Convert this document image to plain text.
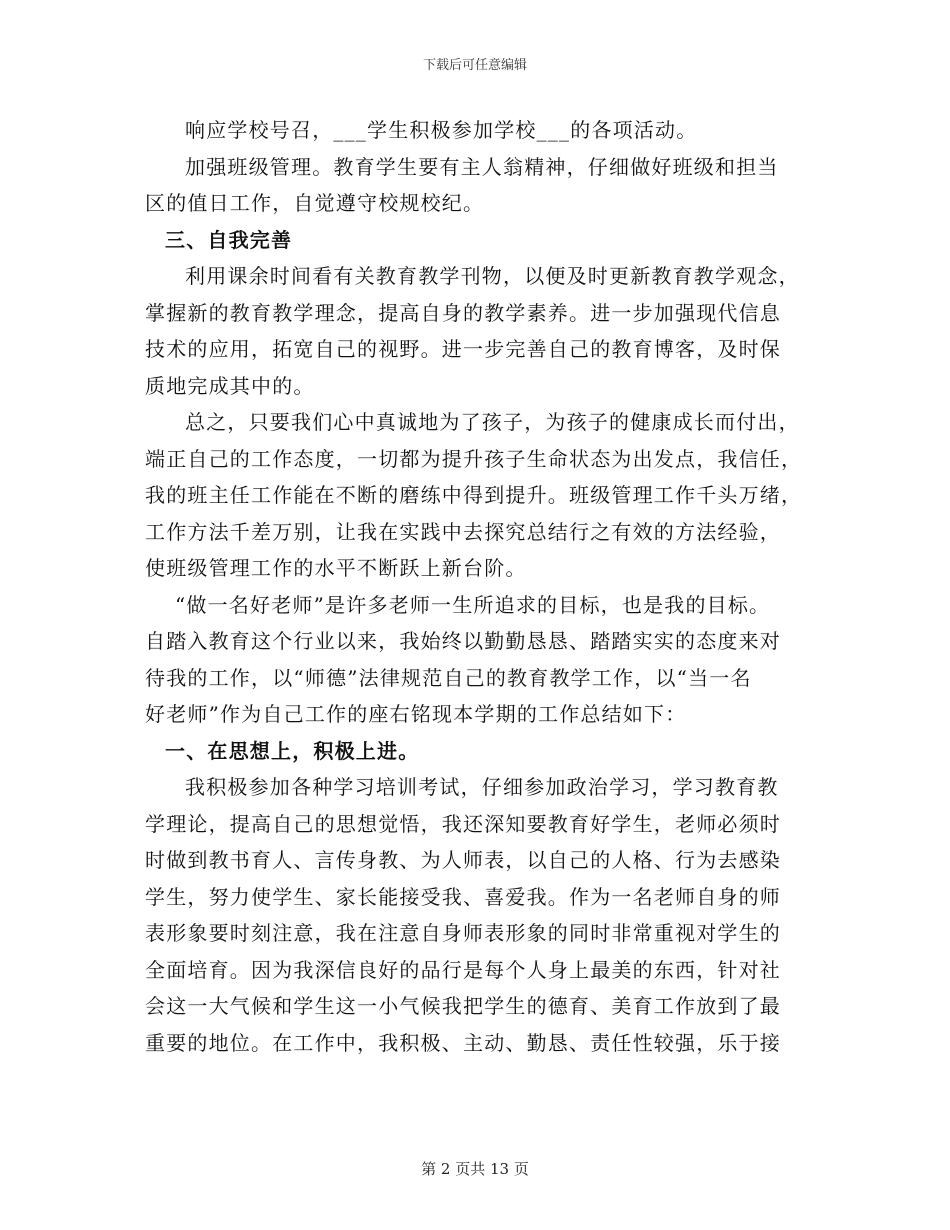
下载后可任意编辑
响应学校号召，___学生积极参加学校___的各项活动。
加强班级管理。教育学生要有主人翁精神，仔细做好班级和担当
区的值日工作，自觉遵守校规校纪。
三、自我完善
利用课余时间看有关教育教学刊物，以便及时更新教育教学观念，
掌握新的教育教学理念，提高自身的教学素养。进一步加强现代信息
技术的应用，拓宽自己的视野。进一步完善自己的教育博客，及时保
质地完成其中的。
总之，只要我们心中真诚地为了孩子，为孩子的健康成长而付出，
端正自己的工作态度，一切都为提升孩子生命状态为出发点，我信任，
我的班主任工作能在不断的磨练中得到提升。班级管理工作千头万绪，
工作方法千差万别，让我在实践中去探究总结行之有效的方法经验，
使班级管理工作的水平不断跃上新台阶。
“做一名好老师”是许多老师一生所追求的目标，也是我的目标。
自踏入教育这个行业以来，我始终以勤勤恳恳、踏踏实实的态度来对
待我的工作，以“师德”法律规范自己的教育教学工作，以“当一名
好老师”作为自己工作的座右铭现本学期的工作总结如下：
一、在思想上，积极上进。
我积极参加各种学习培训考试，仔细参加政治学习，学习教育教
学理论，提高自己的思想觉悟，我还深知要教育好学生，老师必须时
时做到教书育人、言传身教、为人师表，以自己的人格、行为去感染
学生，努力使学生、家长能接受我、喜爱我。作为一名老师自身的师
表形象要时刻注意，我在注意自身师表形象的同时非常重视对学生的
全面培育。因为我深信良好的品行是每个人身上最美的东西，针对社
会这一大气候和学生这一小气候我把学生的德育、美育工作放到了最
重要的地位。在工作中，我积极、主动、勤恳、责任性较强，乐于接
第 2 页共 13 页
